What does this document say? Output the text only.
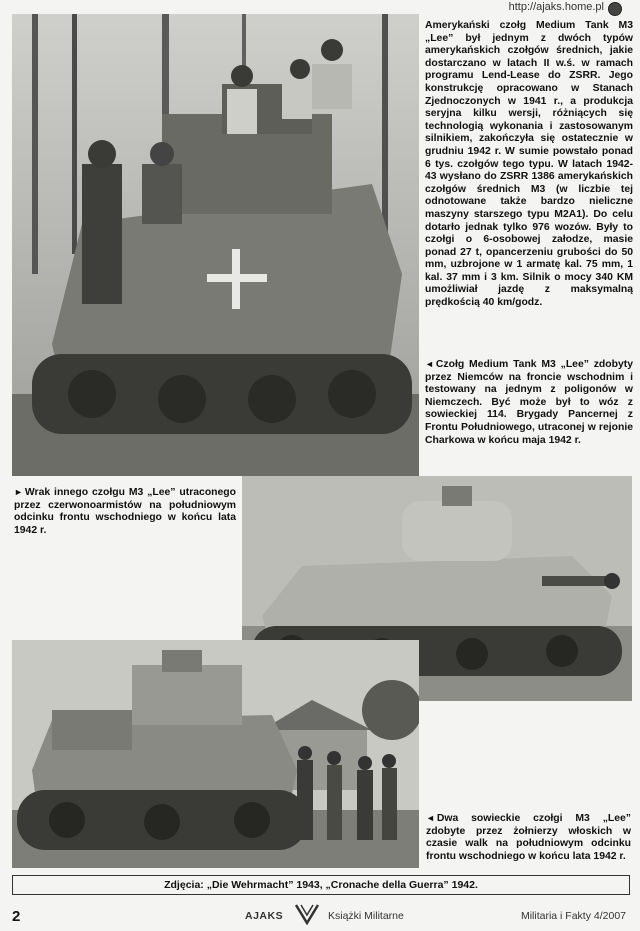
http://ajaks.home.pl
Amerykański czołg Medium Tank M3 „Lee” był jednym z dwóch typów amerykańskich czołgów średnich, jakie dostarczano w latach II w.ś. w ramach programu Lend-Lease do ZSRR. Jego konstrukcję opracowano w Stanach Zjednoczonych w 1941 r., a produkcja seryjna kilku wersji, różniących się technologią wykonania i zastosowanym silnikiem, zakończyła się ostatecznie w grudniu 1942 r. W sumie powstało ponad 6 tys. czołgów tego typu. W latach 1942-43 wysłano do ZSRR 1386 amerykańskich czołgów średnich M3 (w liczbie tej odnotowane także bardzo nieliczne maszyny starszego typu M2A1). Do celu dotarło jednak tylko 976 wozów. Były to czołgi o 6-osobowej załodze, masie ponad 27 t, opancerzeniu grubości do 50 mm, uzbrojone w 1 armatę kal. 75 mm, 1 kal. 37 mm i 3 km. Silnik o mocy 340 KM umożliwiał jazdę z maksymalną prędkością 40 km/godz.
◄ Czołg Medium Tank M3 „Lee” zdobyty przez Niemców na froncie wschodnim i testowany na jednym z poligonów w Niemczech. Być może był to wóz z sowieckiej 114. Brygady Pancernej z Frontu Południowego, utraconej w rejonie Charkowa w końcu maja 1942 r.
► Wrak innego czołgu M3 „Lee” utraconego przez czerwonoarmistów na południowym odcinku frontu wschodniego w końcu lata 1942 r.
◄ Dwa sowieckie czołgi M3 „Lee” zdobyte przez żołnierzy włoskich w czasie walk na południowym odcinku frontu wschodniego w końcu lata 1942 r.
Zdjęcia: „Die Wehrmacht” 1943, „Cronache della Guerra” 1942.
2	AJAKS	Książki Militarne	Militaria i Fakty 4/2007
